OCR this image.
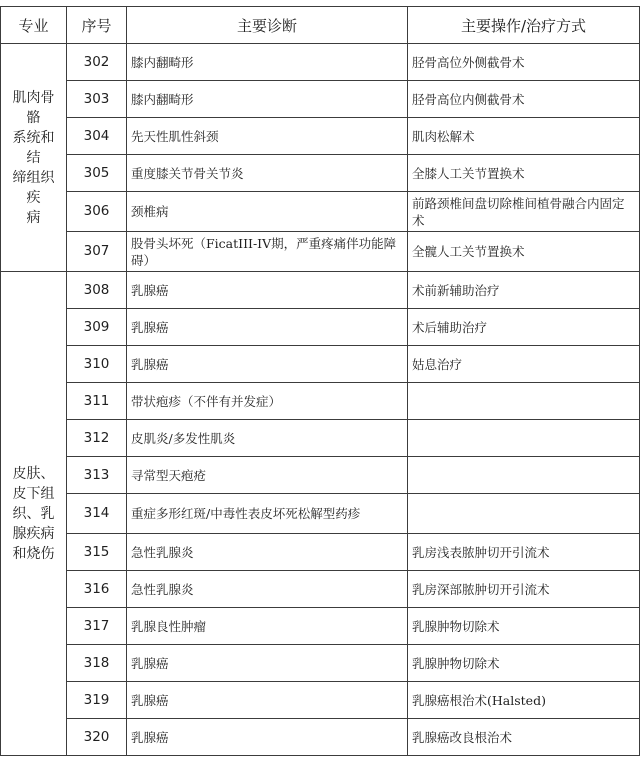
专业	序号	主要诊断	主要操作/治疗方式

肌肉骨骼
系统和结
缔组织疾
病	302	膝内翻畸形	胫骨高位外侧截骨术
	303	膝内翻畸形	胫骨高位内侧截骨术
	304	先天性肌性斜颈	肌肉松解术
	305	重度膝关节骨关节炎	全膝人工关节置换术
	306	颈椎病	前路颈椎间盘切除椎间植骨融合内固定术
	307	股骨头坏死（FicatIII-IV期，严重疼痛伴功能障碍）	全髋人工关节置换术

皮肤、
皮下组
织、乳
腺疾病
和烧伤	308	乳腺癌	术前新辅助治疗
	309	乳腺癌	术后辅助治疗
	310	乳腺癌	姑息治疗
	311	带状疱疹（不伴有并发症）	
	312	皮肌炎/多发性肌炎	
	313	寻常型天疱疮	
	314	重症多形红斑/中毒性表皮坏死松解型药疹	
	315	急性乳腺炎	乳房浅表脓肿切开引流术
	316	急性乳腺炎	乳房深部脓肿切开引流术
	317	乳腺良性肿瘤	乳腺肿物切除术
	318	乳腺癌	乳腺肿物切除术
	319	乳腺癌	乳腺癌根治术(Halsted)
	320	乳腺癌	乳腺癌改良根治术
